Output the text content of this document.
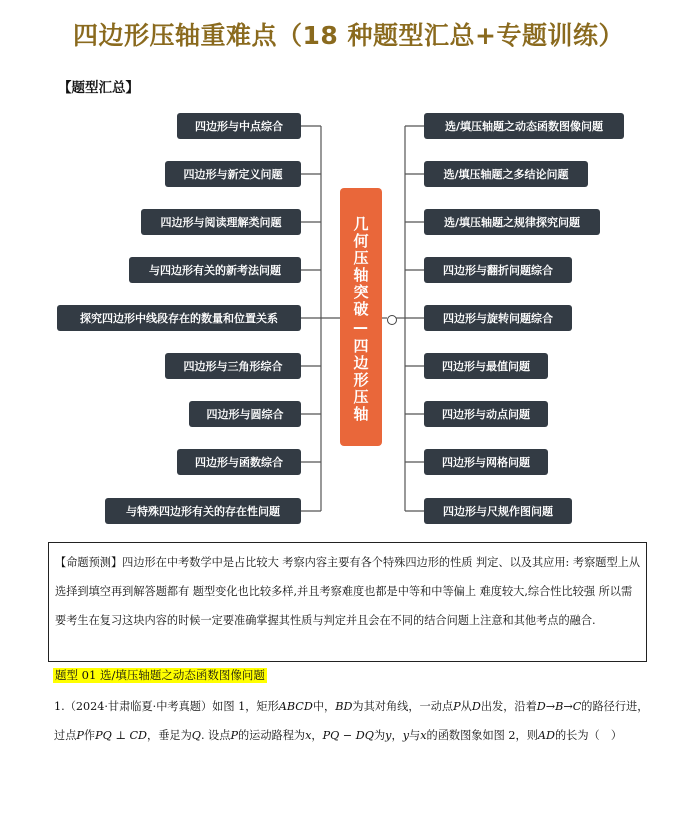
四边形压轴重难点（18 种题型汇总+专题训练）
【题型汇总】
四边形与中点综合
四边形与新定义问题
四边形与阅读理解类问题
与四边形有关的新考法问题
探究四边形中线段存在的数量和位置关系
四边形与三角形综合
四边形与圆综合
四边形与函数综合
与特殊四边形有关的存在性问题
选/填压轴题之动态函数图像问题
选/填压轴题之多结论问题
选/填压轴题之规律探究问题
四边形与翻折问题综合
四边形与旋转问题综合
四边形与最值问题
四边形与动点问题
四边形与网格问题
四边形与尺规作图问题
几何压轴突破—四边形压轴
【命题预测】四边形在中考数学中是占比较大 考察内容主要有各个特殊四边形的性质 判定、以及其应用: 考察题型上从选择到填空再到解答题都有 题型变化也比较多样,并且考察难度也都是中等和中等偏上 难度较大,综合性比较强 所以需要考生在复习这块内容的时候一定要准确掌握其性质与判定并且会在不同的结合问题上注意和其他考点的融合.
题型 01 选/填压轴题之动态函数图像问题
1.（2024·甘肃临夏·中考真题）如图 1，矩形ABCD中，BD为其对角线，一动点P从D出发，沿着D→B→C的路径行进，过点P作PQ ⊥ CD，垂足为Q. 设点P的运动路程为x，PQ − DQ为y，y与x的函数图象如图 2，则AD的长为（　）
